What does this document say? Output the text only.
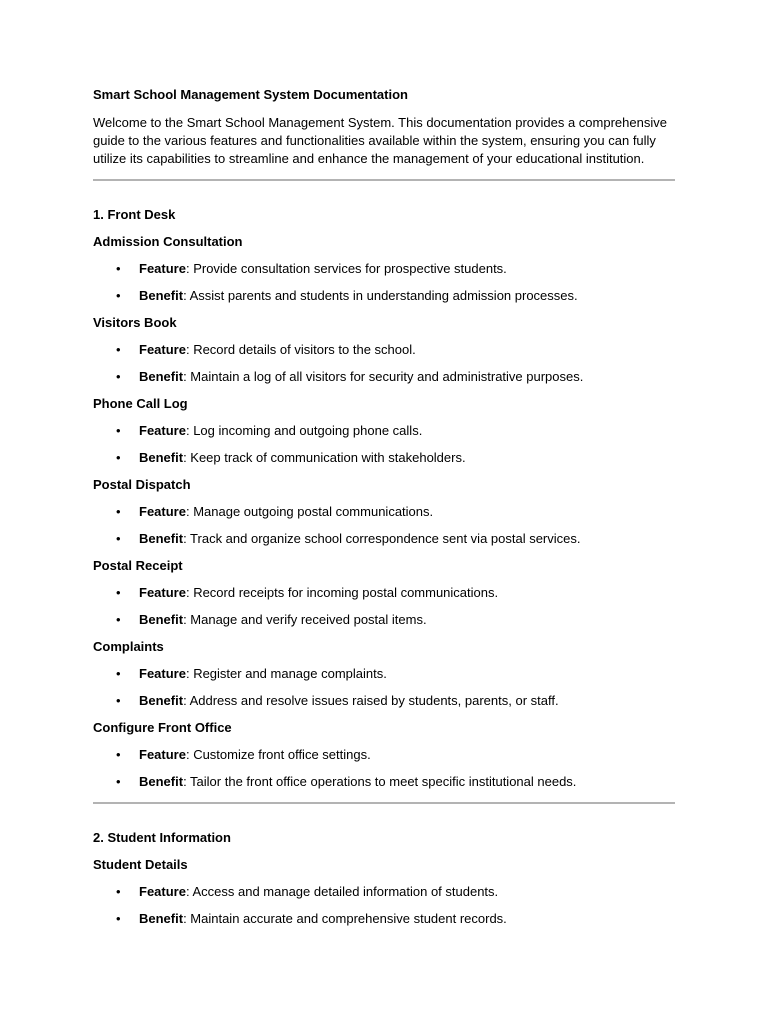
Smart School Management System Documentation
Welcome to the Smart School Management System. This documentation provides a comprehensive guide to the various features and functionalities available within the system, ensuring you can fully utilize its capabilities to streamline and enhance the management of your educational institution.
1. Front Desk
Admission Consultation
• Feature: Provide consultation services for prospective students.
• Benefit: Assist parents and students in understanding admission processes.
Visitors Book
• Feature: Record details of visitors to the school.
• Benefit: Maintain a log of all visitors for security and administrative purposes.
Phone Call Log
• Feature: Log incoming and outgoing phone calls.
• Benefit: Keep track of communication with stakeholders.
Postal Dispatch
• Feature: Manage outgoing postal communications.
• Benefit: Track and organize school correspondence sent via postal services.
Postal Receipt
• Feature: Record receipts for incoming postal communications.
• Benefit: Manage and verify received postal items.
Complaints
• Feature: Register and manage complaints.
• Benefit: Address and resolve issues raised by students, parents, or staff.
Configure Front Office
• Feature: Customize front office settings.
• Benefit: Tailor the front office operations to meet specific institutional needs.
2. Student Information
Student Details
• Feature: Access and manage detailed information of students.
• Benefit: Maintain accurate and comprehensive student records.
